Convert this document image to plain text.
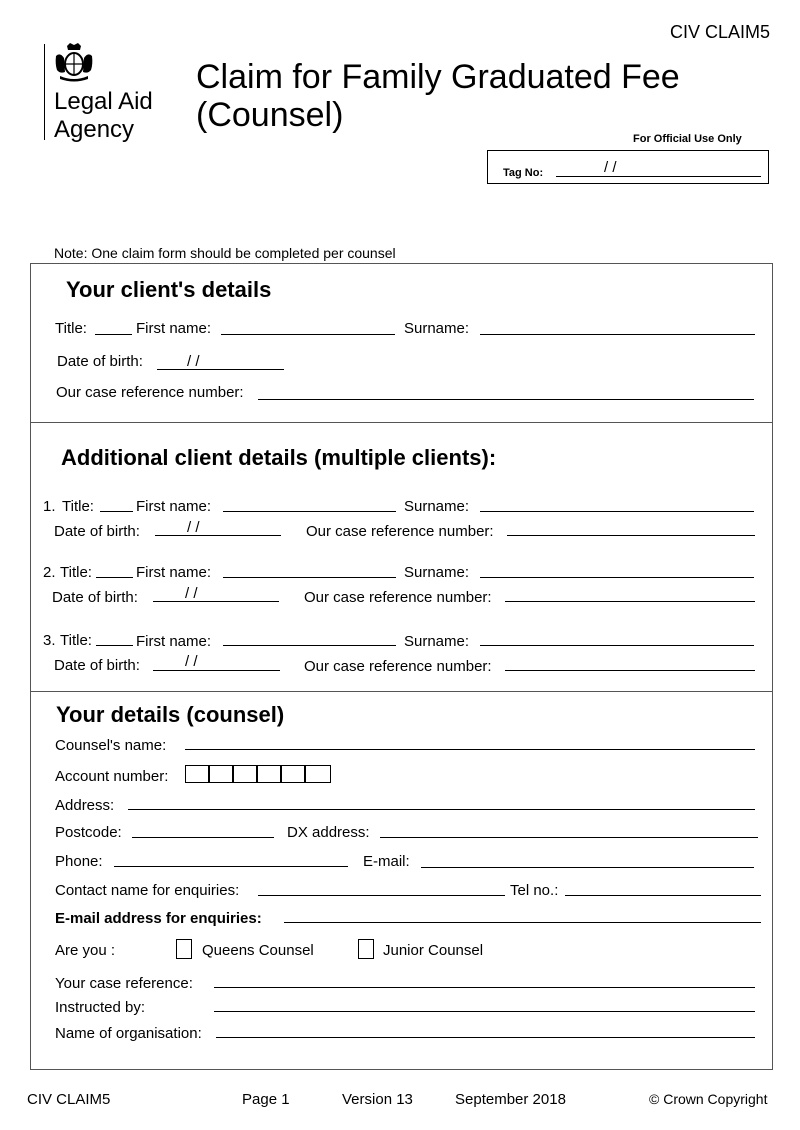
CIV CLAIM5
Legal Aid
Agency
Claim for Family Graduated Fee
(Counsel)
For Official Use Only
Tag No:	/ /
Note: One claim form should be completed per counsel
Your client's details
Title:	First name:	Surname:
Date of birth:	/ /
Our case reference number:
Additional client details (multiple clients):
1. Title:	First name:	Surname:
Date of birth:	/ /	Our case reference number:
2. Title:	First name:	Surname:
Date of birth:	/ /	Our case reference number:
3. Title:	First name:	Surname:
Date of birth:	/ /	Our case reference number:
Your details (counsel)
Counsel's name:
Account number:
Address:
Postcode:	DX address:
Phone:	E-mail:
Contact name for enquiries:	Tel no.:
E-mail address for enquiries:
Are you :	Queens Counsel	Junior Counsel
Your case reference:
Instructed by:
Name of organisation:
CIV CLAIM5	Page 1	Version 13	September 2018	© Crown Copyright
